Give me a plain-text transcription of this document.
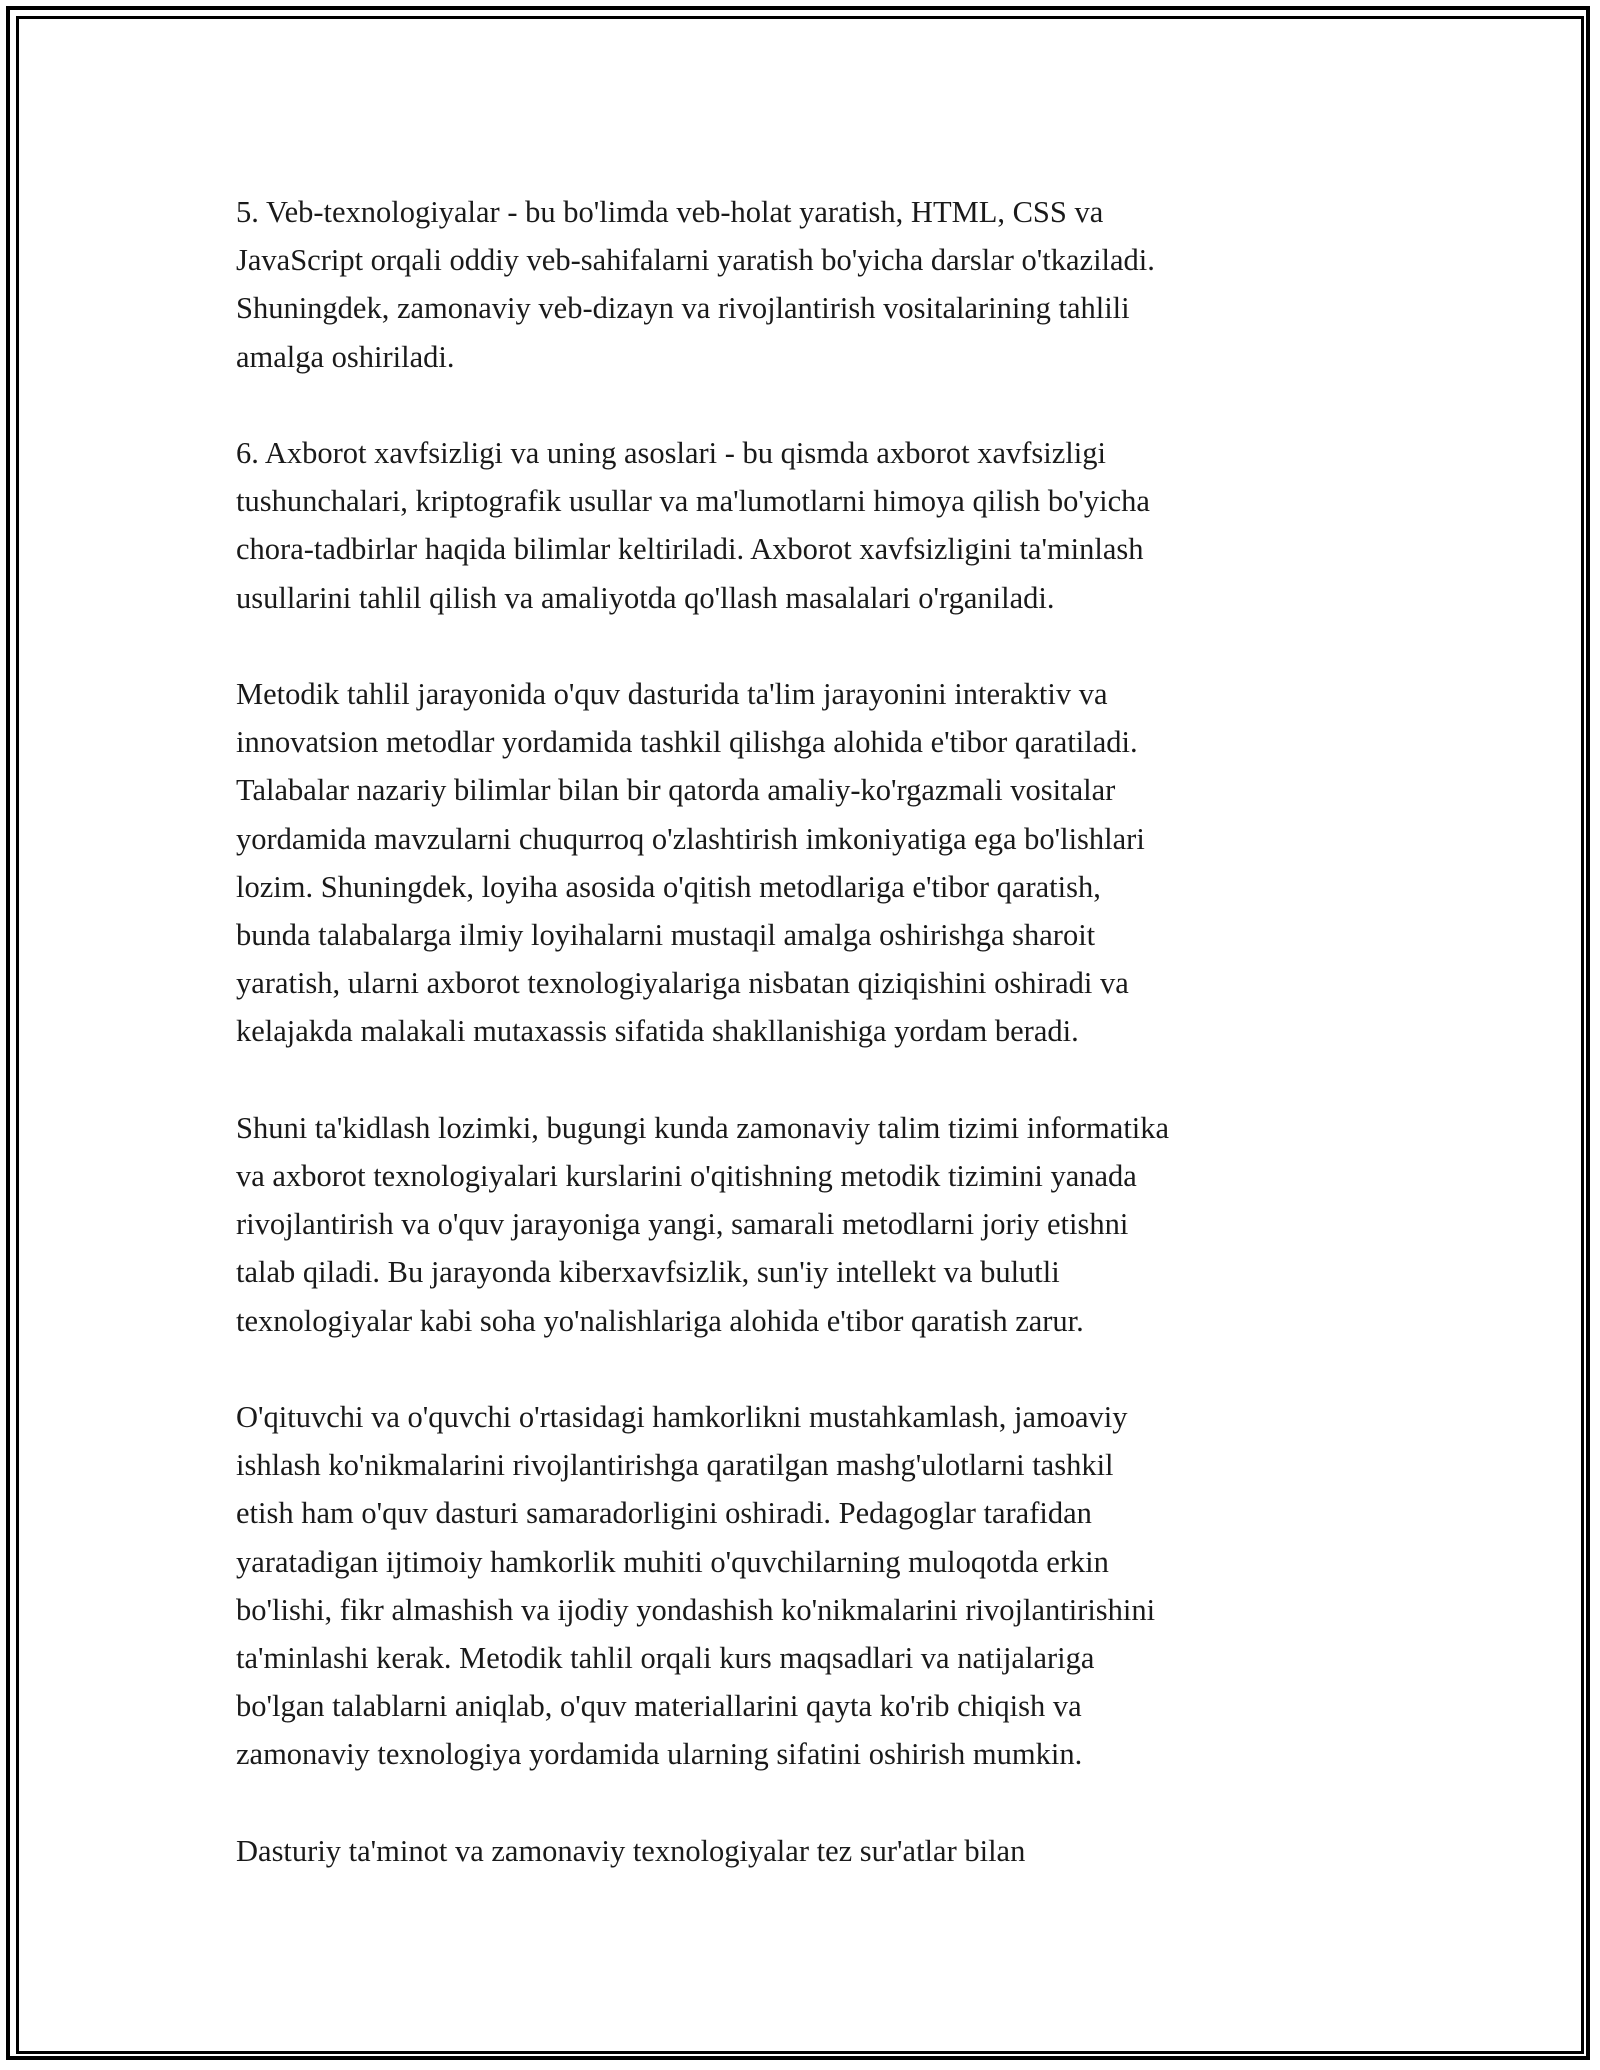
5. Veb-texnologiyalar - bu bo'limda veb-holat yaratish, HTML, CSS va
JavaScript orqali oddiy veb-sahifalarni yaratish bo'yicha darslar o'tkaziladi.
Shuningdek, zamonaviy veb-dizayn va rivojlantirish vositalarining tahlili
amalga oshiriladi.

6. Axborot xavfsizligi va uning asoslari - bu qismda axborot xavfsizligi
tushunchalari, kriptografik usullar va ma'lumotlarni himoya qilish bo'yicha
chora-tadbirlar haqida bilimlar keltiriladi. Axborot xavfsizligini ta'minlash
usullarini tahlil qilish va amaliyotda qo'llash masalalari o'rganiladi.

Metodik tahlil jarayonida o'quv dasturida ta'lim jarayonini interaktiv va
innovatsion metodlar yordamida tashkil qilishga alohida e'tibor qaratiladi.
Talabalar nazariy bilimlar bilan bir qatorda amaliy-ko'rgazmali vositalar
yordamida mavzularni chuqurroq o'zlashtirish imkoniyatiga ega bo'lishlari
lozim. Shuningdek, loyiha asosida o'qitish metodlariga e'tibor qaratish,
bunda talabalarga ilmiy loyihalarni mustaqil amalga oshirishga sharoit
yaratish, ularni axborot texnologiyalariga nisbatan qiziqishini oshiradi va
kelajakda malakali mutaxassis sifatida shakllanishiga yordam beradi.

Shuni ta'kidlash lozimki, bugungi kunda zamonaviy talim tizimi informatika
va axborot texnologiyalari kurslarini o'qitishning metodik tizimini yanada
rivojlantirish va o'quv jarayoniga yangi, samarali metodlarni joriy etishni
talab qiladi. Bu jarayonda kiberxavfsizlik, sun'iy intellekt va bulutli
texnologiyalar kabi soha yo'nalishlariga alohida e'tibor qaratish zarur.

O'qituvchi va o'quvchi o'rtasidagi hamkorlikni mustahkamlash, jamoaviy
ishlash ko'nikmalarini rivojlantirishga qaratilgan mashg'ulotlarni tashkil
etish ham o'quv dasturi samaradorligini oshiradi. Pedagoglar tarafidan
yaratadigan ijtimoiy hamkorlik muhiti o'quvchilarning muloqotda erkin
bo'lishi, fikr almashish va ijodiy yondashish ko'nikmalarini rivojlantirishini
ta'minlashi kerak. Metodik tahlil orqali kurs maqsadlari va natijalariga
bo'lgan talablarni aniqlab, o'quv materiallarini qayta ko'rib chiqish va
zamonaviy texnologiya yordamida ularning sifatini oshirish mumkin.

Dasturiy ta'minot va zamonaviy texnologiyalar tez sur'atlar bilan
